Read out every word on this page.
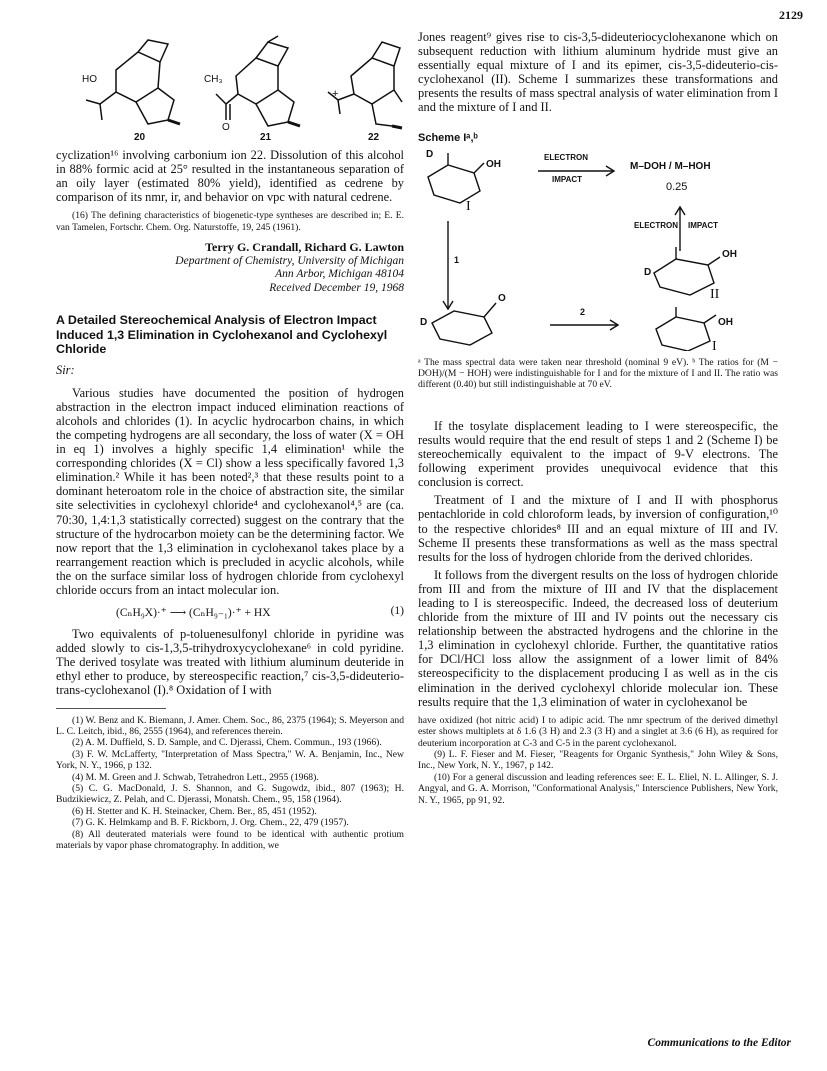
2129
HO	CH₃
O
+
20	21	22

cyclization¹⁶ involving carbonium ion 22. Dissolution of this alcohol in 88% formic acid at 25° resulted in the instantaneous separation of an oily layer (estimated 80% yield), identified as cedrene by comparison of its nmr, ir, and behavior on vpc with natural cedrene.

(16) The defining characteristics of biogenetic-type syntheses are described in; E. E. van Tamelen, Fortschr. Chem. Org. Naturstoffe, 19, 245 (1961).

Terry G. Crandall, Richard G. Lawton

Department of Chemistry, University of Michigan

Ann Arbor, Michigan 48104

Received December 19, 1968

A Detailed Stereochemical Analysis of Electron Impact Induced 1,3 Elimination in Cyclohexanol and Cyclohexyl Chloride
Sir:

Various studies have documented the position of hydrogen abstraction in the electron impact induced elimination reactions of alcohols and chlorides (1). In acyclic hydrocarbon chains, in which the competing hydrogens are all secondary, the loss of water (X = OH in eq 1) involves a highly specific 1,4 elimination¹ while the corresponding chlorides (X = Cl) show a less specifically favored 1,3 elimination.² While it has been noted²,³ that these results point to a dominant heteroatom role in the choice of abstraction site, the similar site selectivities in cyclohexyl chloride⁴ and cyclohexanol⁴,⁵ are (ca. 70:30, 1,4:1,3 statistically corrected) suggest on the contrary that the structure of the hydrocarbon moiety can be the determining factor. We now report that the 1,3 elimination in cyclohexanol takes place by a rearrangement reaction which is precluded in acyclic alcohols, while the on the surface similar loss of hydrogen chloride from cyclohexyl chloride occurs from an intact molecular ion.

(CₙH₉X)·⁺ ⟶ (CₙH₉₋₁)·⁺ + HX	(1)

Two equivalents of p-toluenesulfonyl chloride in pyridine was added slowly to cis-1,3,5-trihydroxycyclohexane⁶ in cold pyridine. The derived tosylate was treated with lithium aluminum deuteride in ethyl ether to produce, by stereospecific reaction,⁷ cis-3,5-dideuterio-trans-cyclohexanol (I).⁸ Oxidation of I with

(1) W. Benz and K. Biemann, J. Amer. Chem. Soc., 86, 2375 (1964); S. Meyerson and L. C. Leitch, ibid., 86, 2555 (1964), and references therein.

(2) A. M. Duffield, S. D. Sample, and C. Djerassi, Chem. Commun., 193 (1966).

(3) F. W. McLafferty, "Interpretation of Mass Spectra," W. A. Benjamin, Inc., New York, N. Y., 1966, p 132.

(4) M. M. Green and J. Schwab, Tetrahedron Lett., 2955 (1968).

(5) C. G. MacDonald, J. S. Shannon, and G. Sugowdz, ibid., 807 (1963); H. Budzikiewicz, Z. Pelah, and C. Djerassi, Monatsh. Chem., 95, 158 (1964).

(6) H. Stetter and K. H. Steinacker, Chem. Ber., 85, 451 (1952).

(7) G. K. Helmkamp and B. F. Rickborn, J. Org. Chem., 22, 479 (1957).

(8) All deuterated materials were found to be identical with authentic protium materials by vapor phase chromatography. In addition, we

Jones reagent⁹ gives rise to cis-3,5-dideuteriocyclohexanone which on subsequent reduction with lithium aluminum hydride must give an essentially equal mixture of I and its epimer, cis-3,5-dideuterio-cis-cyclohexanol (II). Scheme I summarizes these transformations and presents the results of mass spectral analysis of water elimination from I and the mixture of I and II.

Scheme Iᵃ,ᵇ

D
OH
I
ELECTRON
IMPACT
M–DOH / M–HOH
0.25
ELECTRON IMPACT
1
2
O
D
OH
D
II
OH
I

ᵃ The mass spectral data were taken near threshold (nominal 9 eV). ᵇ The ratios for (M − DOH)/(M − HOH) were indistinguishable for I and for the mixture of I and II. The ratio was different (0.40) but still indistinguishable at 70 eV.

If the tosylate displacement leading to I were stereospecific, the results would require that the end result of steps 1 and 2 (Scheme I) be stereochemically equivalent to the impact of 9-V electrons. The following experiment provides unequivocal evidence that this conclusion is correct.

Treatment of I and the mixture of I and II with phosphorus pentachloride in cold chloroform leads, by inversion of configuration,¹⁰ to the respective chlorides⁸ III and an equal mixture of III and IV. Scheme II presents these transformations as well as the mass spectral results for the loss of hydrogen chloride from the derived chlorides.

It follows from the divergent results on the loss of hydrogen chloride from III and from the mixture of III and IV that the displacement leading to I is stereospecific. Indeed, the decreased loss of deuterium chloride from the mixture of III and IV points out the necessary cis relationship between the abstracted hydrogens and the chlorine in the 1,3 elimination in cyclohexyl chloride. Further, the quantitative ratios for DCl/HCl loss allow the assignment of a lower limit of 84% stereospecificity to the displacement producing I as well as in the cis elimination in the derived cyclohexyl chloride molecular ion. These results require that the 1,3 elimination of water in cyclohexanol be

have oxidized (hot nitric acid) I to adipic acid. The nmr spectrum of the derived dimethyl ester shows multiplets at δ 1.6 (3 H) and 2.3 (3 H) and a singlet at 3.6 (6 H), as required for deuterium incorporation at C-3 and C-5 in the parent cyclohexanol.

(9) L. F. Fieser and M. Fieser, "Reagents for Organic Synthesis," John Wiley & Sons, Inc., New York, N. Y., 1967, p 142.

(10) For a general discussion and leading references see: E. L. Eliel, N. L. Allinger, S. J. Angyal, and G. A. Morrison, "Conformational Analysis," Interscience Publishers, New York, N. Y., 1965, pp 91, 92.

Communications to the Editor
